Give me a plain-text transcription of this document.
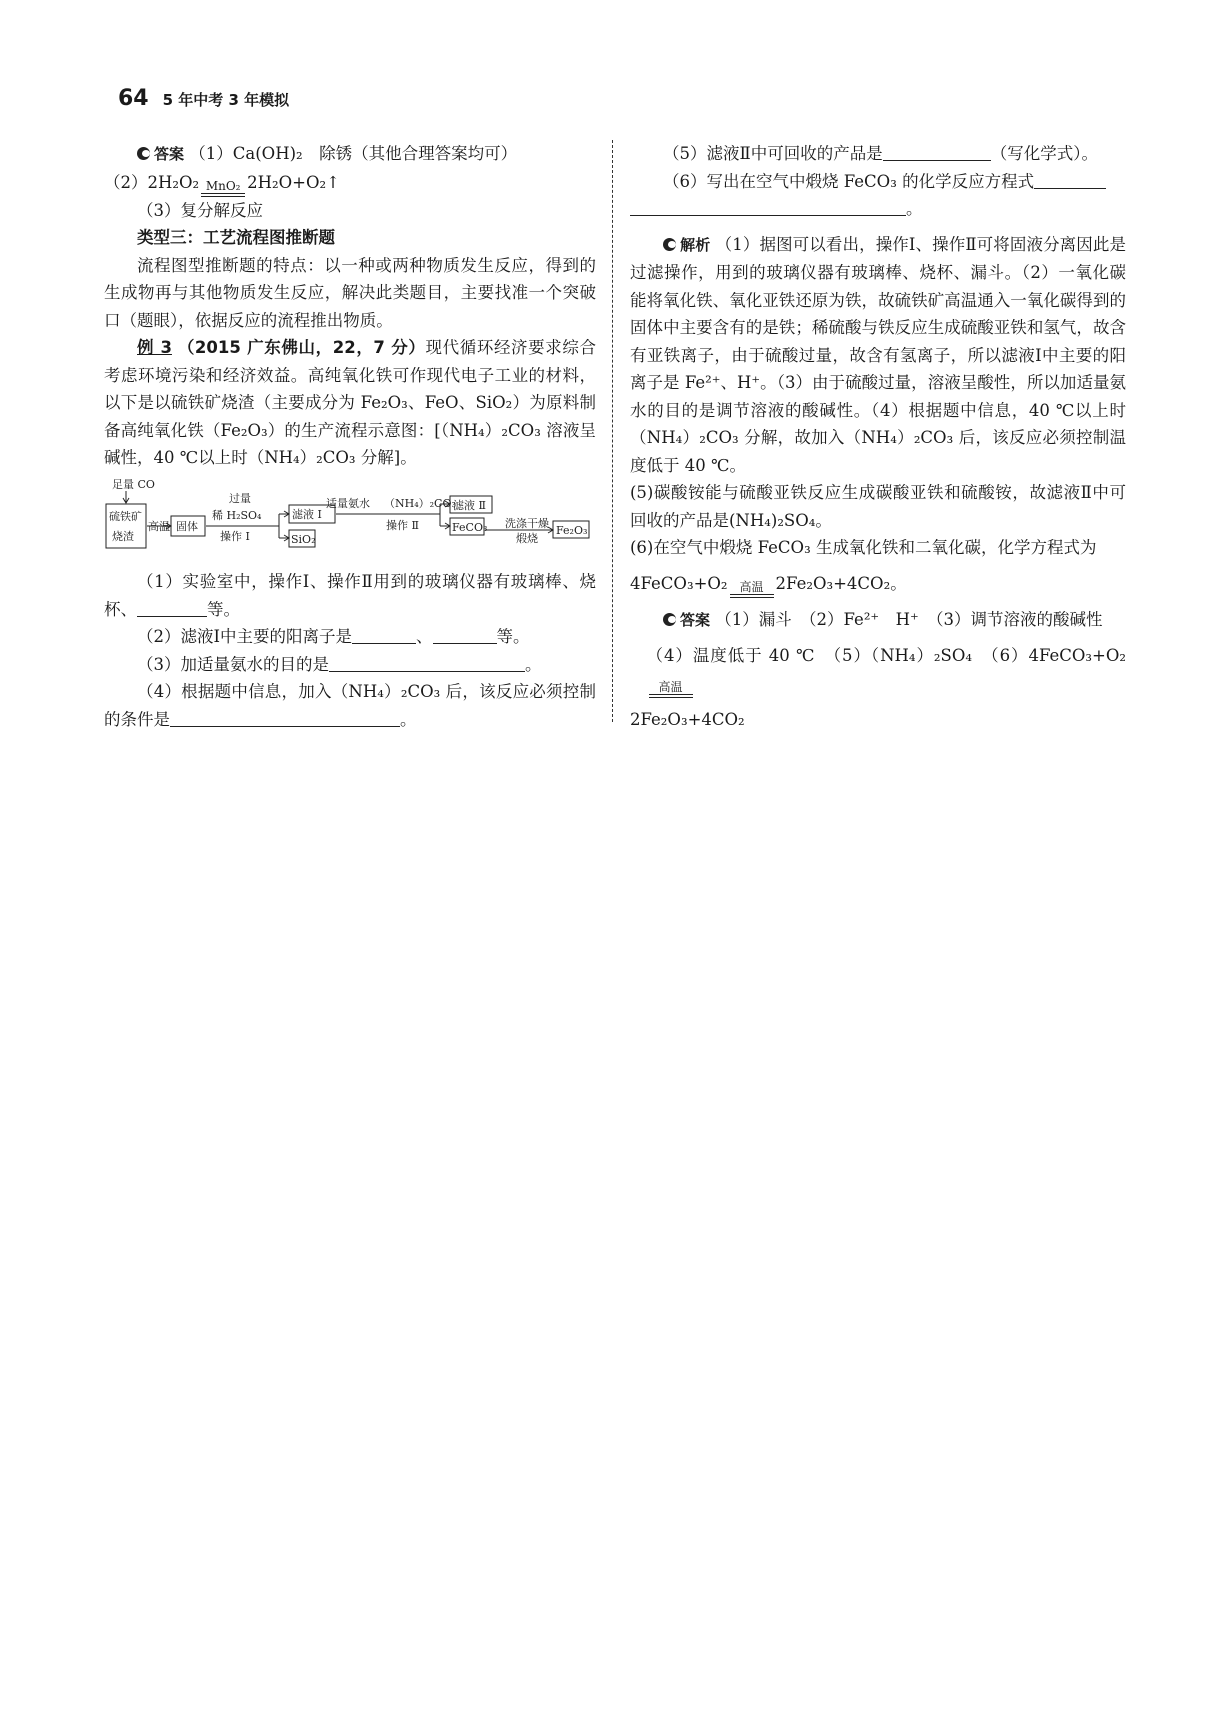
64 5 年中考 3 年模拟

答案 （1）Ca(OH)₂　除锈（其他合理答案均可）

（2）2H₂O₂ MnO₂ 2H₂O+O₂↑

（3）复分解反应

类型三：工艺流程图推断题

流程图型推断题的特点：以一种或两种物质发生反应，得到的生成物再与其他物质发生反应，解决此类题目，主要找准一个突破口（题眼），依据反应的流程推出物质。

例 3 （2015 广东佛山，22，7 分）现代循环经济要求综合考虑环境污染和经济效益。高纯氧化铁可作现代电子工业的材料，以下是以硫铁矿烧渣（主要成分为 Fe₂O₃、FeO、SiO₂）为原料制备高纯氧化铁（Fe₂O₃）的生产流程示意图：[（NH₄）₂CO₃ 溶液呈碱性，40 ℃以上时（NH₄）₂CO₃ 分解]。

足量 CO
过量
稀 H₂SO₄
操作 Ⅰ
适量氨水 （NH₄）₂CO₃
操作 Ⅱ	洗涤干燥
煅烧
高温
硫铁矿
烧渣
固体
滤液 Ⅰ
SiO₂
滤液 Ⅱ
FeCO₃	Fe₂O₃

（1）实验室中，操作Ⅰ、操作Ⅱ用到的玻璃仪器有玻璃棒、烧杯、	等。

（2）滤液Ⅰ中主要的阳离子是	、	等。

（3）加适量氨水的目的是	。

（4）根据题中信息，加入（NH₄）₂CO₃ 后，该反应必须控制的条件是	。

（5）滤液Ⅱ中可回收的产品是	（写化学式）。

（6）写出在空气中煅烧 FeCO₃ 的化学反应方程式
。

解析 （1）据图可以看出，操作Ⅰ、操作Ⅱ可将固液分离因此是过滤操作，用到的玻璃仪器有玻璃棒、烧杯、漏斗。（2）一氧化碳能将氧化铁、氧化亚铁还原为铁，故硫铁矿高温通入一氧化碳得到的固体中主要含有的是铁；稀硫酸与铁反应生成硫酸亚铁和氢气，故含有亚铁离子，由于硫酸过量，故含有氢离子，所以滤液Ⅰ中主要的阳离子是 Fe²⁺、H⁺。（3）由于硫酸过量，溶液呈酸性，所以加适量氨水的目的是调节溶液的酸碱性。（4）根据题中信息，40 ℃以上时（NH₄）₂CO₃ 分解，故加入（NH₄）₂CO₃ 后，该反应必须控制温度低于 40 ℃。

(5)碳酸铵能与硫酸亚铁反应生成碳酸亚铁和硫酸铵，故滤液Ⅱ中可回收的产品是(NH₄)₂SO₄。

(6)在空气中煅烧 FeCO₃ 生成氧化铁和二氧化碳，化学方程式为

4FeCO₃+O₂ 高温 2Fe₂O₃+4CO₂。

答案 （1）漏斗　（2）Fe²⁺　H⁺　（3）调节溶液的酸碱性

（4）温度低于 40 ℃　（5）（NH₄）₂SO₄　（6）4FeCO₃+O₂
高温

2Fe₂O₃+4CO₂
